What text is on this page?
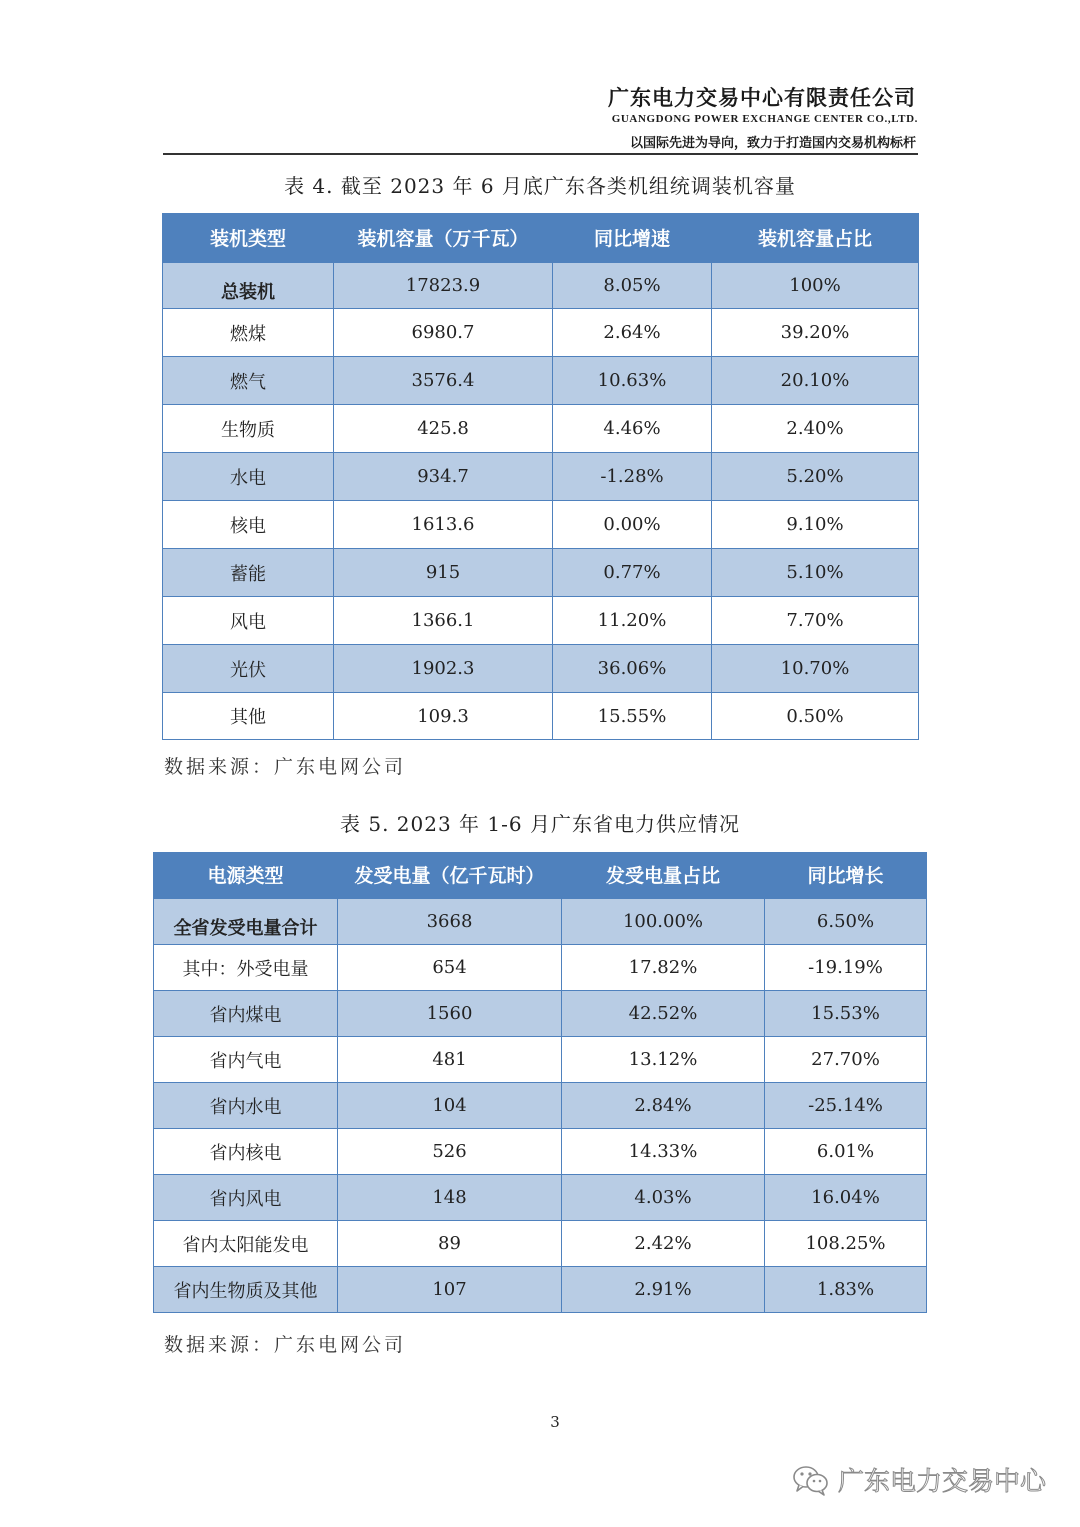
广东电力交易中心有限责任公司
GUANGDONG POWER EXCHANGE CENTER CO.,LTD.
以国际先进为导向，致力于打造国内交易机构标杆
表 4. 截至 2023 年 6 月底广东各类机组统调装机容量
装机类型	装机容量（万千瓦）	同比增速	装机容量占比
总装机	17823.9	8.05%	100%
燃煤	6980.7	2.64%	39.20%
燃气	3576.4	10.63%	20.10%
生物质	425.8	4.46%	2.40%
水电	934.7	-1.28%	5.20%
核电	1613.6	0.00%	9.10%
蓄能	915	0.77%	5.10%
风电	1366.1	11.20%	7.70%
光伏	1902.3	36.06%	10.70%
其他	109.3	15.55%	0.50%
数据来源：广东电网公司
表 5. 2023 年 1-6 月广东省电力供应情况
电源类型	发受电量（亿千瓦时）	发受电量占比	同比增长
全省发受电量合计	3668	100.00%	6.50%
其中：外受电量	654	17.82%	-19.19%
省内煤电	1560	42.52%	15.53%
省内气电	481	13.12%	27.70%
省内水电	104	2.84%	-25.14%
省内核电	526	14.33%	6.01%
省内风电	148	4.03%	16.04%
省内太阳能发电	89	2.42%	108.25%
省内生物质及其他	107	2.91%	1.83%
数据来源：广东电网公司
3
广东电力交易中心
